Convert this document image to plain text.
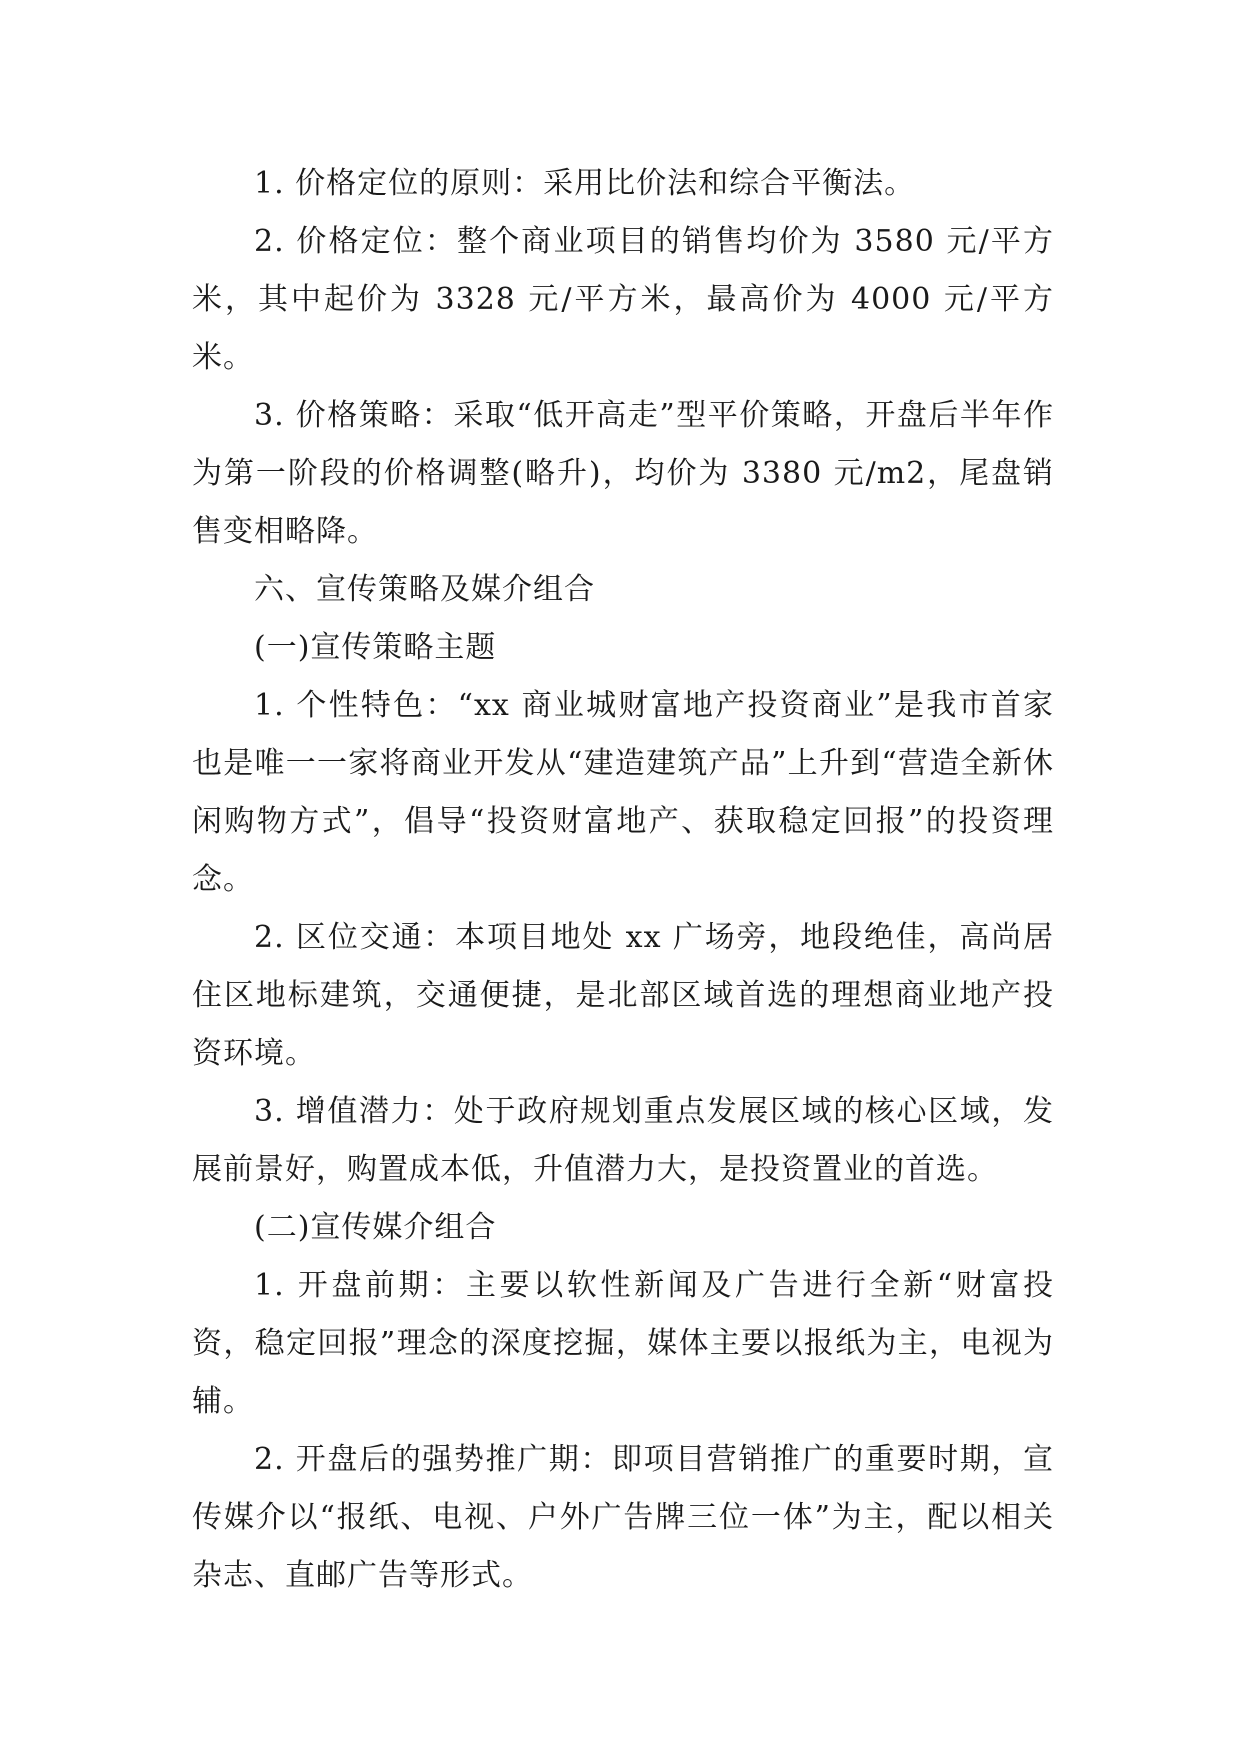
1. 价格定位的原则：采用比价法和综合平衡法。

2. 价格定位：整个商业项目的销售均价为 3580 元/平方米，其中起价为 3328 元/平方米，最高价为 4000 元/平方米。

3. 价格策略：采取“低开高走”型平价策略，开盘后半年作为第一阶段的价格调整(略升)，均价为 3380 元/m2，尾盘销售变相略降。

六、宣传策略及媒介组合

(一)宣传策略主题

1. 个性特色：“xx 商业城财富地产投资商业”是我市首家也是唯一一家将商业开发从“建造建筑产品”上升到“营造全新休闲购物方式”，倡导“投资财富地产、获取稳定回报”的投资理念。

2. 区位交通：本项目地处 xx 广场旁，地段绝佳，高尚居住区地标建筑，交通便捷，是北部区域首选的理想商业地产投资环境。

3. 增值潜力：处于政府规划重点发展区域的核心区域，发展前景好，购置成本低，升值潜力大，是投资置业的首选。

(二)宣传媒介组合

1. 开盘前期：主要以软性新闻及广告进行全新“财富投资，稳定回报”理念的深度挖掘，媒体主要以报纸为主，电视为辅。

2. 开盘后的强势推广期：即项目营销推广的重要时期，宣传媒介以“报纸、电视、户外广告牌三位一体”为主，配以相关杂志、直邮广告等形式。
